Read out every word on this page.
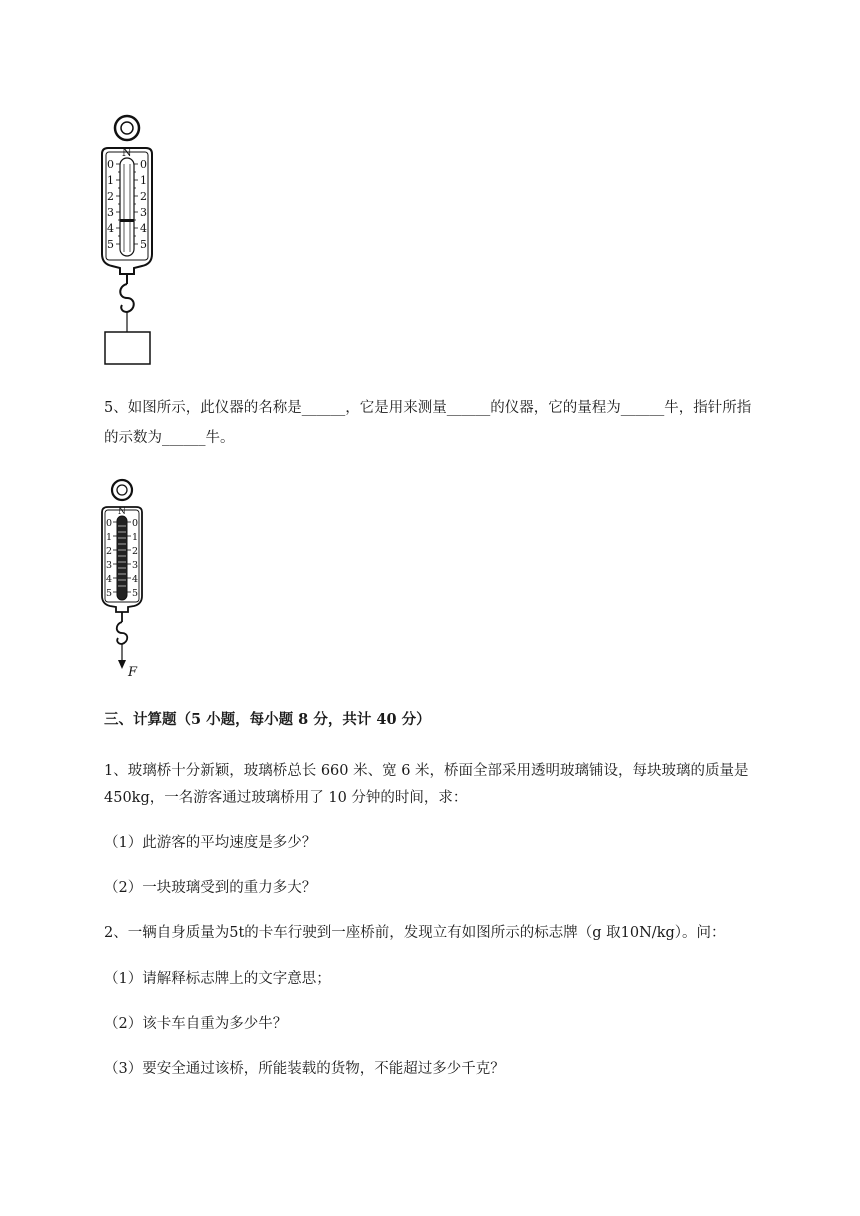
N
0
1
2
3
4
5
0
1
2
3
4
5
5、如图所示，此仪器的名称是______，它是用来测量______的仪器，它的量程为______牛，指针所指
的示数为______牛。
N
0
1
2
3
4
5
0
1
2
3
4
5
F
三、计算题（5 小题，每小题 8 分，共计 40 分）
1、玻璃桥十分新颖，玻璃桥总长 660 米、宽 6 米，桥面全部采用透明玻璃铺设，每块玻璃的质量是
450kg，一名游客通过玻璃桥用了 10 分钟的时间，求：
（1）此游客的平均速度是多少？
（2）一块玻璃受到的重力多大？
2、一辆自身质量为5t的卡车行驶到一座桥前，发现立有如图所示的标志牌（g 取10N/kg）。问：
（1）请解释标志牌上的文字意思；
（2）该卡车自重为多少牛？
（3）要安全通过该桥，所能装载的货物，不能超过多少千克？
